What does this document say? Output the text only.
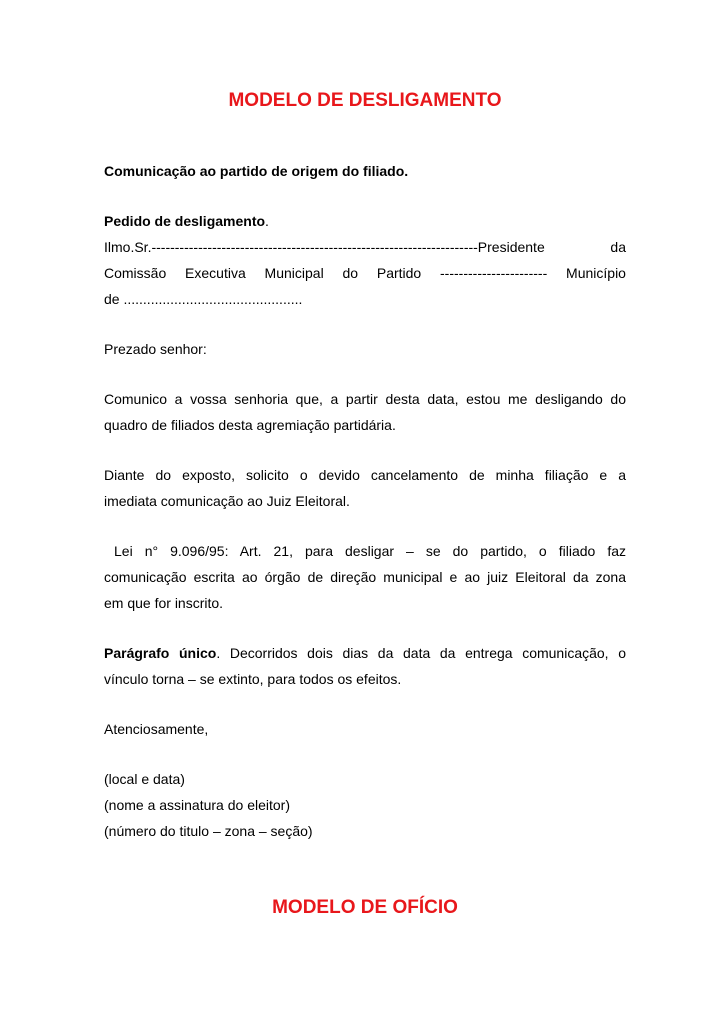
MODELO DE DESLIGAMENTO
Comunicação ao partido de origem do filiado.
Pedido de desligamento.
Ilmo.Sr.----------------------------------------------------------------------Presidente	da
Comissão Executiva Municipal do Partido ----------------------- Município
de ..............................................
Prezado senhor:
Comunico a vossa senhoria que, a partir desta data, estou me desligando do
quadro de filiados desta agremiação partidária.
Diante do exposto, solicito o devido cancelamento de minha filiação e a
imediata comunicação ao Juiz Eleitoral.
Lei n° 9.096/95: Art. 21, para desligar – se do partido, o filiado faz
comunicação escrita ao órgão de direção municipal e ao juiz Eleitoral da zona
em que for inscrito.
Parágrafo único. Decorridos dois dias da data da entrega comunicação, o
vínculo torna – se extinto, para todos os efeitos.
Atenciosamente,
(local e data)
(nome a assinatura do eleitor)
(número do titulo – zona – seção)
MODELO DE OFÍCIO
